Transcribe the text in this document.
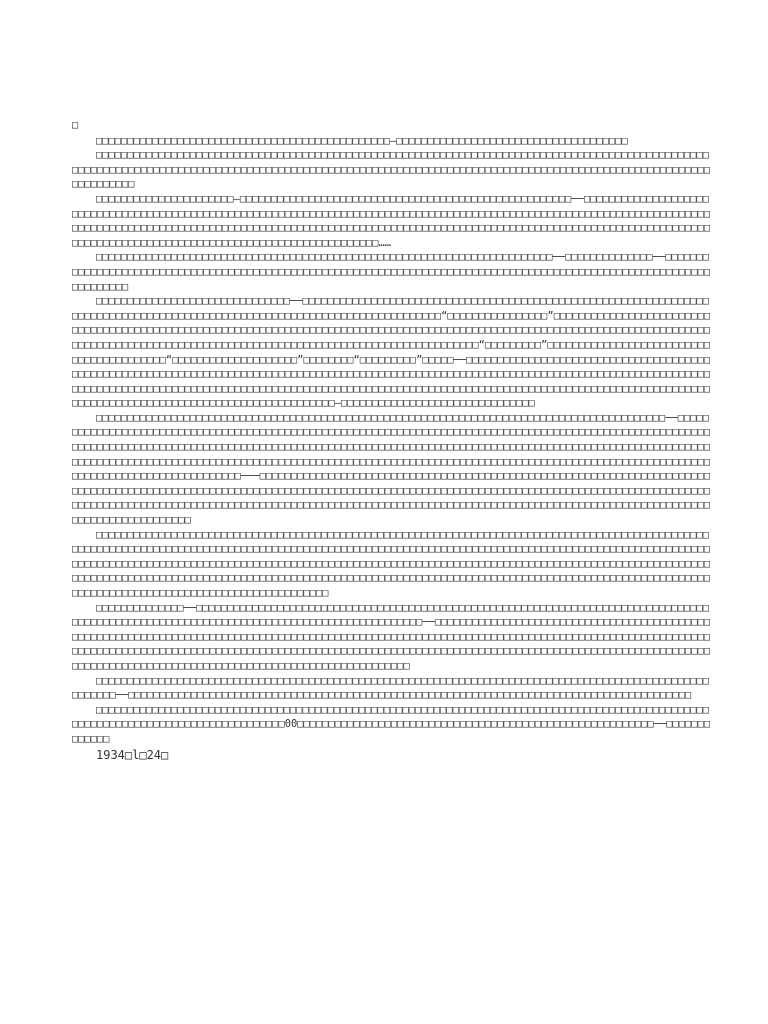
□

□□□□□□□□□□□□□□□□□□□□□□□□□□□□□□□□□□□□□□□□□□□□□□□—□□□□□□□□□□□□□□□□□□□□□□□□□□□□□□□□□□□□□

□□□□□□□□□□□□□□□□□□□□□□□□□□□□□□□□□□□□□□□□□□□□□□□□□□□□□□□□□□□□□□□□□□□□□□□□□□□□□□□□□□□□□□□□□□□□□□□□□□□□□□□□□□□□□□□□□□□□□□□□□□□□□□□□□□□□□□□□□□□□□□□□□□□□□□□□□□□□□□□□□□□□□□□□□□□□□□□□□□□□□□□□□□□□□□□□□□□□□□□□□□□□□□□□□□

□□□□□□□□□□□□□□□□□□□□□□—□□□□□□□□□□□□□□□□□□□□□□□□□□□□□□□□□□□□□□□□□□□□□□□□□□□□□──□□□□□□□□□□□□□□□□□□□□□□□□□□□□□□□□□□□□□□□□□□□□□□□□□□□□□□□□□□□□□□□□□□□□□□□□□□□□□□□□□□□□□□□□□□□□□□□□□□□□□□□□□□□□□□□□□□□□□□□□□□□□□□□□□□□□□□□□□□□□□□□□□□□□□□□□□□□□□□□□□□□□□□□□□□□□□□□□□□□□□□□□□□□□□□□□□□□□□□□□□□□□□□□□□□□□□□□□□□□□□□□□□□□□□□□□□□□□□□□□□□□□□□□□□□□□□□□□□□□□□□□□□□□□□□□□□……

□□□□□□□□□□□□□□□□□□□□□□□□□□□□□□□□□□□□□□□□□□□□□□□□□□□□□□□□□□□□□□□□□□□□□□□□□──□□□□□□□□□□□□□□──□□□□□□□□□□□□□□□□□□□□□□□□□□□□□□□□□□□□□□□□□□□□□□□□□□□□□□□□□□□□□□□□□□□□□□□□□□□□□□□□□□□□□□□□□□□□□□□□□□□□□□□□□□□□□□□□□□□□□□

□□□□□□□□□□□□□□□□□□□□□□□□□□□□□□□──□□□□□□□□□□□□□□□□□□□□□□□□□□□□□□□□□□□□□□□□□□□□□□□□□□□□□□□□□□□□□□□□□□□□□□□□□□□□□□□□□□□□□□□□□□□□□□□□□□□□□□□□□□□□□□□□□□□□□□□□□□□□“□□□□□□□□□□□□□□□□”□□□□□□□□□□□□□□□□□□□□□□□□□□□□□□□□□□□□□□□□□□□□□□□□□□□□□□□□□□□□□□□□□□□□□□□□□□□□□□□□□□□□□□□□□□□□□□□□□□□□□□□□□□□□□□□□□□□□□□□□□□□□□□□□□□□□□□□□□□□□□□□□□□□□□□□□□□□□□□□□□□□□□□□□□□□□□□□□□□□□□□□□□□□□□□□□“□□□□□□□□□”□□□□□□□□□□□□□□□□□□□□□□□□□□□□□□□□□□□□□□□□□“□□□□□□□□□□□□□□□□□□□□”□□□□□□□□“□□□□□□□□□”□□□□□──□□□□□□□□□□□□□□□□□□□□□□□□□□□□□□□□□□□□□□□□□□□□□□□□□□□□□□□□□□□□□□□□□□□□□□□□□□□□□□□□□□□□□□□□□□□□□□□□□□□□□□□□□□□□□□□□□□□□□□□□□□□□□□□□□□□□□□□□□□□□□□□□□□□□□□□□□□□□□□□□□□□□□□□□□□□□□□□□□□□□□□□□□□□□□□□□□□□□□□□□□□□□□□□□□□□□□□□□□□□□□□□□□□□□□□□□□□□□□□□□□□□□□□□□□□□□□□□□□□□□□□□□□□□□□□□□□□□□□□□□□□□□□—□□□□□□□□□□□□□□□□□□□□□□□□□□□□□□□

□□□□□□□□□□□□□□□□□□□□□□□□□□□□□□□□□□□□□□□□□□□□□□□□□□□□□□□□□□□□□□□□□□□□□□□□□□□□□□□□□□□□□□□□□□□──□□□□□□□□□□□□□□□□□□□□□□□□□□□□□□□□□□□□□□□□□□□□□□□□□□□□□□□□□□□□□□□□□□□□□□□□□□□□□□□□□□□□□□□□□□□□□□□□□□□□□□□□□□□□□□□□□□□□□□□□□□□□□□□□□□□□□□□□□□□□□□□□□□□□□□□□□□□□□□□□□□□□□□□□□□□□□□□□□□□□□□□□□□□□□□□□□□□□□□□□□□□□□□□□□□□□□□□□□□□□□□□□□□□□□□□□□□□□□□□□□□□□□□□□□□□□□□□□□□□□□□□□□□□□□□□□□□□□□□□□□□□□□□□□□□□□□□□□□□□□□□□□□□□□□□□□□□□□□□□□□□□□□□□□□□□□□□□□□□───□□□□□□□□□□□□□□□□□□□□□□□□□□□□□□□□□□□□□□□□□□□□□□□□□□□□□□□□□□□□□□□□□□□□□□□□□□□□□□□□□□□□□□□□□□□□□□□□□□□□□□□□□□□□□□□□□□□□□□□□□□□□□□□□□□□□□□□□□□□□□□□□□□□□□□□□□□□□□□□□□□□□□□□□□□□□□□□□□□□□□□□□□□□□□□□□□□□□□□□□□□□□□□□□□□□□□□□□□□□□□□□□□□□□□□□□□□□□□□□□□□□□□□□□□□□□□□□□□□□□□□□□□□□□□□□□□□□□□□□□□□□□□□□□□□□□□□□

□□□□□□□□□□□□□□□□□□□□□□□□□□□□□□□□□□□□□□□□□□□□□□□□□□□□□□□□□□□□□□□□□□□□□□□□□□□□□□□□□□□□□□□□□□□□□□□□□□□□□□□□□□□□□□□□□□□□□□□□□□□□□□□□□□□□□□□□□□□□□□□□□□□□□□□□□□□□□□□□□□□□□□□□□□□□□□□□□□□□□□□□□□□□□□□□□□□□□□□□□□□□□□□□□□□□□□□□□□□□□□□□□□□□□□□□□□□□□□□□□□□□□□□□□□□□□□□□□□□□□□□□□□□□□□□□□□□□□□□□□□□□□□□□□□□□□□□□□□□□□□□□□□□□□□□□□□□□□□□□□□□□□□□□□□□□□□□□□□□□□□□□□□□□□□□□□□□□□□□□□□□□□□□□□□□□□□□□□□□□□□□□□□□□□□□□□□□□□□□□□□□□□□□□□□□□□□□□□□□□□□□□□□□□□□□□□□□□□□□□□□□□□

□□□□□□□□□□□□□□──□□□□□□□□□□□□□□□□□□□□□□□□□□□□□□□□□□□□□□□□□□□□□□□□□□□□□□□□□□□□□□□□□□□□□□□□□□□□□□□□□□□□□□□□□□□□□□□□□□□□□□□□□□□□□□□□□□□□□□□□□□□□□□□□□□□□□□□□□□──□□□□□□□□□□□□□□□□□□□□□□□□□□□□□□□□□□□□□□□□□□□□□□□□□□□□□□□□□□□□□□□□□□□□□□□□□□□□□□□□□□□□□□□□□□□□□□□□□□□□□□□□□□□□□□□□□□□□□□□□□□□□□□□□□□□□□□□□□□□□□□□□□□□□□□□□□□□□□□□□□□□□□□□□□□□□□□□□□□□□□□□□□□□□□□□□□□□□□□□□□□□□□□□□□□□□□□□□□□□□□□□□□□□□□□□□□□□□□□□□□□□□□□□□□□□□□□□□□□□□□□□□□□□□□□□□□□□□□□□□□□□□□□□□□□□□□□□□□□□□□□

□□□□□□□□□□□□□□□□□□□□□□□□□□□□□□□□□□□□□□□□□□□□□□□□□□□□□□□□□□□□□□□□□□□□□□□□□□□□□□□□□□□□□□□□□□□□□□□□□□□□□□□□□──□□□□□□□□□□□□□□□□□□□□□□□□□□□□□□□□□□□□□□□□□□□□□□□□□□□□□□□□□□□□□□□□□□□□□□□□□□□□□□□□□□□□□□□□□□

□□□□□□□□□□□□□□□□□□□□□□□□□□□□□□□□□□□□□□□□□□□□□□□□□□□□□□□□□□□□□□□□□□□□□□□□□□□□□□□□□□□□□□□□□□□□□□□□□□□□□□□□□□□□□□□□□□□□□□□□□□□□□□□□□□□□00□□□□□□□□□□□□□□□□□□□□□□□□□□□□□□□□□□□□□□□□□□□□□□□□□□□□□□□□□──□□□□□□□□□□□□□

1934□l□24□
